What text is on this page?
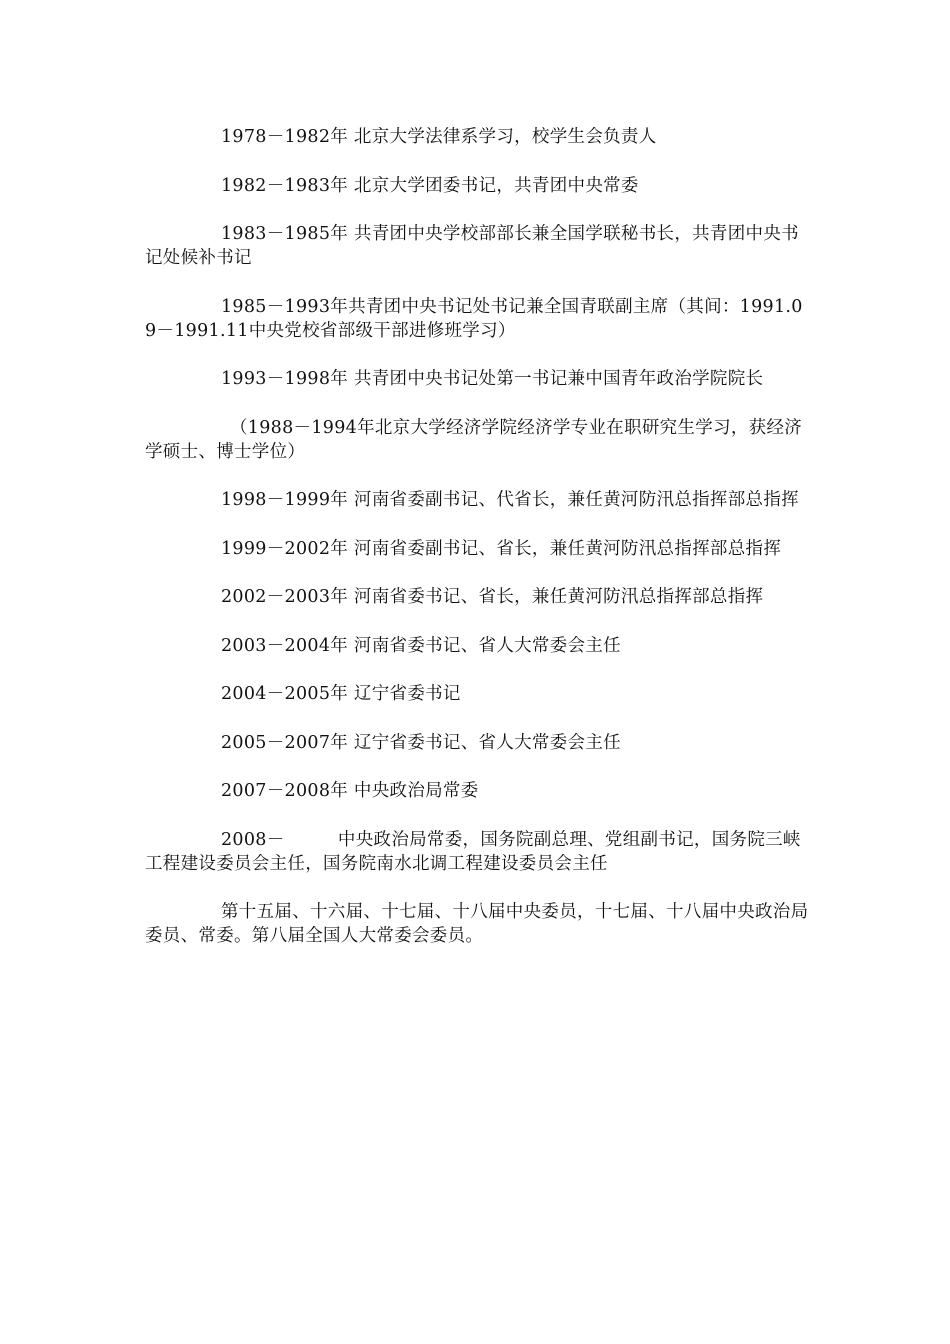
1978－1982年 北京大学法律系学习，校学生会负责人

1982－1983年 北京大学团委书记，共青团中央常委

1983－1985年 共青团中央学校部部长兼全国学联秘书长，共青团中央书记处候补书记

1985－1993年共青团中央书记处书记兼全国青联副主席（其间：1991.09－1991.11中央党校省部级干部进修班学习）

1993－1998年 共青团中央书记处第一书记兼中国青年政治学院院长

（1988－1994年北京大学经济学院经济学专业在职研究生学习，获经济学硕士、博士学位）

1998－1999年 河南省委副书记、代省长，兼任黄河防汛总指挥部总指挥

1999－2002年 河南省委副书记、省长，兼任黄河防汛总指挥部总指挥

2002－2003年 河南省委书记、省长，兼任黄河防汛总指挥部总指挥

2003－2004年 河南省委书记、省人大常委会主任

2004－2005年 辽宁省委书记

2005－2007年 辽宁省委书记、省人大常委会主任

2007－2008年 中央政治局常委

2008－　　　中央政治局常委，国务院副总理、党组副书记，国务院三峡工程建设委员会主任，国务院南水北调工程建设委员会主任

第十五届、十六届、十七届、十八届中央委员，十七届、十八届中央政治局委员、常委。第八届全国人大常委会委员。
